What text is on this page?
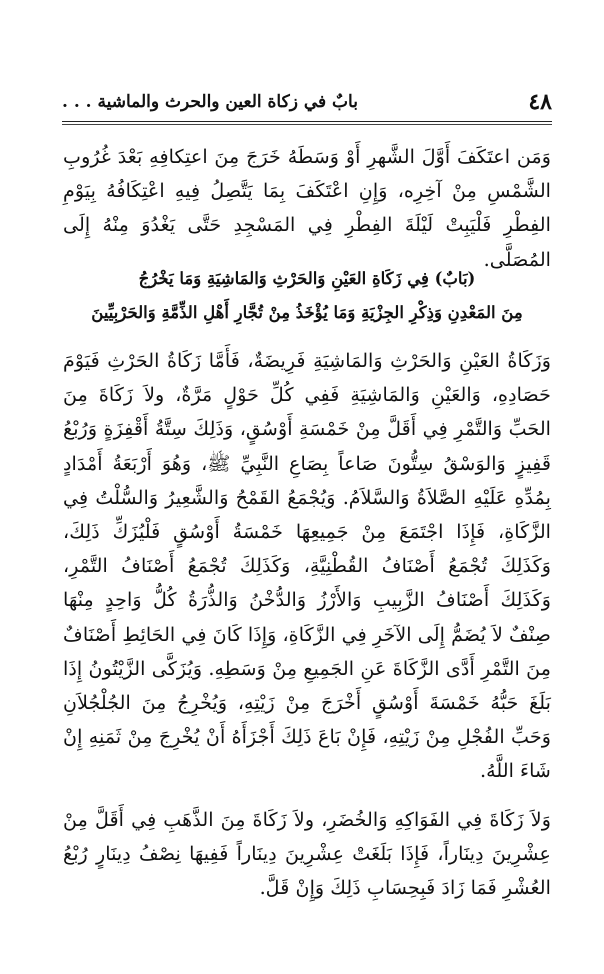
٤٨
بابٌ في زكاة العين والحرث والماشية . . .

وَمَن اعتَكَفَ أَوَّلَ الشَّهرِ أَوْ وَسَطَهُ خَرَجَ مِنَ اعتِكافِهِ بَعْدَ غُرُوبِ الشَّمْسِ مِنْ آخِرِه، وَإِنِ اعْتَكَفَ بِمَا يَتَّصِلُ فِيهِ اعْتِكَافُهُ بِيَوْمِ الفِطْرِ فَلْيَبِتْ لَيْلَةَ الفِطْرِ فِي المَسْجِدِ حَتَّى يَغْدُوَ مِنْهُ إِلَى المُصَلَّى.

(بَابٌ) فِي زَكَاةِ العَيْنِ وَالحَرْثِ وَالمَاشِيَةِ وَمَا يَخْرُجُ
مِنَ المَعْدِنِ وَذِكْرِ الجِزْيَةِ وَمَا يُؤْخَذُ مِنْ تُجَّارِ أَهْلِ الذِّمَّةِ وَالحَرْبِيِّينَ

وَزَكَاةُ العَيْنِ وَالحَرْثِ وَالمَاشِيَةِ فَرِيضَةٌ، فَأَمَّا زَكَاةُ الحَرْثِ فَيَوْمَ حَصَادِهِ، وَالعَيْنِ وَالمَاشِيَةِ فَفِي كُلِّ حَوْلٍ مَرَّةٌ، ولاَ زَكَاةَ مِنَ الحَبِّ وَالتَّمْرِ فِي أَقَلَّ مِنْ خَمْسَةِ أَوْسُقٍ، وَذَلِكَ سِتَّةُ أَقْفِزَةٍ وَرُبْعُ قَفِيزٍ وَالوَسْقُ سِتُّونَ صَاعاً بِصَاعِ النَّبِيِّ ﷺ، وَهُوَ أَرْبَعَةُ أَمْدَادٍ بِمُدِّهِ عَلَيْهِ الصَّلاَةُ وَالسَّلاَمُ. وَيُجْمَعُ القَمْحُ وَالشَّعِيرُ وَالسُّلْتُ فِي الزَّكَاةِ، فَإِذَا اجْتَمَعَ مِنْ جَمِيعِهَا خَمْسَةُ أَوْسُقٍ فَلْيُزَكِّ ذَلِكَ، وَكَذَلِكَ تُجْمَعُ أَصْنَافُ القُطْنِيَّةِ، وَكَذَلِكَ تُجْمَعُ أَصْنَافُ التَّمْرِ، وَكَذَلِكَ أَصْنَافُ الزَّبِيبِ وَالأَرْزُ وَالدُّخْنُ وَالذُّرَةُ كُلُّ وَاحِدٍ مِنْهَا صِنْفٌ لاَ يُضَمُّ إِلَى الآخَرِ فِي الزَّكَاةِ، وَإِذَا كَانَ فِي الحَائِطِ أَصْنَافٌ مِنَ التَّمْرِ أَدَّى الزَّكَاةَ عَنِ الجَمِيعِ مِنْ وَسَطِهِ. وَيُزَكَّى الزَّيْتُونُ إِذَا بَلَغَ حَبُّهُ خَمْسَةَ أَوْسُقٍ أَخْرَجَ مِنْ زَيْتِهِ، وَيُخْرِجُ مِنَ الجُلْجُلاَنِ وَحَبِّ الفُجْلِ مِنْ زَيْتِهِ، فَإِنْ بَاعَ ذَلِكَ أَجْزَأَهُ أَنْ يُخْرِجَ مِنْ ثَمَنِهِ إِنْ شَاءَ اللَّهُ.

وَلاَ زَكَاةَ فِي الفَوَاكِهِ وَالخُضَرِ، ولاَ زَكَاةَ مِنَ الذَّهَبِ فِي أَقَلَّ مِنْ عِشْرِينَ دِينَاراً، فَإِذَا بَلَغَتْ عِشْرِينَ دِينَاراً فَفِيهَا نِصْفُ دِينَارٍ رُبْعُ العُشْرِ فَمَا زَادَ فَبِحِسَابِ ذَلِكَ وَإِنْ قَلَّ.
